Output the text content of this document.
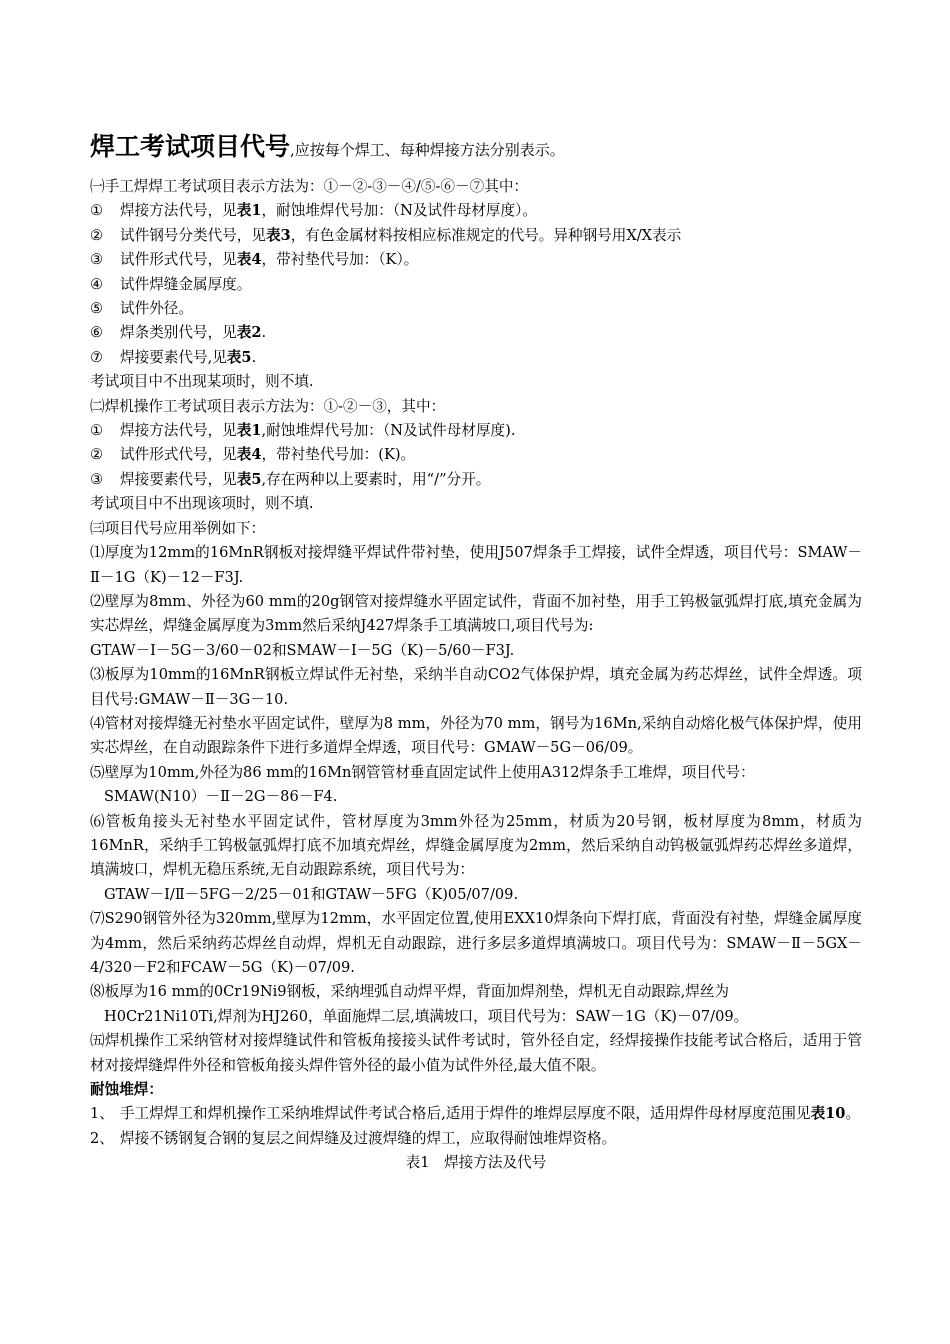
焊工考试项目代号,应按每个焊工、每种焊接方法分别表示。

㈠手工焊焊工考试项目表示方法为：①－②-③－④/⑤-⑥－⑦其中：

① 焊接方法代号，见表1，耐蚀堆焊代号加：（N及试件母材厚度）。

② 试件钢号分类代号，见表3，有色金属材料按相应标准规定的代号。异种钢号用X/X表示

③ 试件形式代号，见表4，带衬垫代号加：（K）。

④ 试件焊缝金属厚度。

⑤ 试件外径。

⑥ 焊条类别代号，见表2.

⑦ 焊接要素代号,见表5.

考试项目中不出现某项时，则不填.

㈡焊机操作工考试项目表示方法为：①-②－③，其中：

① 焊接方法代号，见表1,耐蚀堆焊代号加：（N及试件母材厚度).

② 试件形式代号，见表4，带衬垫代号加：(K)。

③ 焊接要素代号，见表5,存在两种以上要素时，用“/”分开。

考试项目中不出现该项时，则不填.

㈢项目代号应用举例如下：

⑴厚度为12mm的16MnR钢板对接焊缝平焊试件带衬垫，使用J507焊条手工焊接，试件全焊透，项目代号：SMAW－Ⅱ－1G（K)－12－F3J.

⑵壁厚为8mm、外径为60 mm的20g钢管对接焊缝水平固定试件，背面不加衬垫，用手工钨极氩弧焊打底,填充金属为实芯焊丝，焊缝金属厚度为3mm然后采纳J427焊条手工填满坡口,项目代号为:

GTAW－Ⅰ－5G－3/60－02和SMAW－Ⅰ－5G（K)－5/60－F3J.

⑶板厚为10mm的16MnR钢板立焊试件无衬垫，采纳半自动CO2气体保护焊，填充金属为药芯焊丝，试件全焊透。项目代号:GMAW－Ⅱ－3G－10.

⑷管材对接焊缝无衬垫水平固定试件，壁厚为8 mm，外径为70 mm，钢号为16Mn,采纳自动熔化极气体保护焊，使用实芯焊丝，在自动跟踪条件下进行多道焊全焊透，项目代号：GMAW－5G－06/09。

⑸壁厚为10mm,外径为86 mm的16Mn钢管管材垂直固定试件上使用A312焊条手工堆焊，项目代号：

SMAW(N10）－Ⅱ－2G－86－F4.

⑹管板角接头无衬垫水平固定试件，管材厚度为3mm外径为25mm，材质为20号钢，板材厚度为8mm，材质为16MnR，采纳手工钨极氩弧焊打底不加填充焊丝，焊缝金属厚度为2mm，然后采纳自动钨极氩弧焊药芯焊丝多道焊，填满坡口，焊机无稳压系统,无自动跟踪系统，项目代号为：

GTAW－Ⅰ/Ⅱ－5FG－2/25－01和GTAW－5FG（K)05/07/09.

⑺S290钢管外径为320mm,壁厚为12mm，水平固定位置,使用EXX10焊条向下焊打底，背面没有衬垫，焊缝金属厚度为4mm，然后采纳药芯焊丝自动焊，焊机无自动跟踪，进行多层多道焊填满坡口。项目代号为：SMAW－Ⅱ－5GX－4/320－F2和FCAW－5G（K)－07/09.

⑻板厚为16 mm的0Cr19Ni9钢板，采纳埋弧自动焊平焊，背面加焊剂垫，焊机无自动跟踪,焊丝为

H0Cr21Ni10Ti,焊剂为HJ260，单面施焊二层,填满坡口，项目代号为：SAW－1G（K)－07/09。

㈤焊机操作工采纳管材对接焊缝试件和管板角接接头试件考试时，管外径自定，经焊接操作技能考试合格后，适用于管材对接焊缝焊件外径和管板角接头焊件管外径的最小值为试件外径,最大值不限。

耐蚀堆焊：

1、 手工焊焊工和焊机操作工采纳堆焊试件考试合格后,适用于焊件的堆焊层厚度不限，适用焊件母材厚度范围见表10。

2、 焊接不锈钢复合钢的复层之间焊缝及过渡焊缝的焊工，应取得耐蚀堆焊资格。

表1　焊接方法及代号
